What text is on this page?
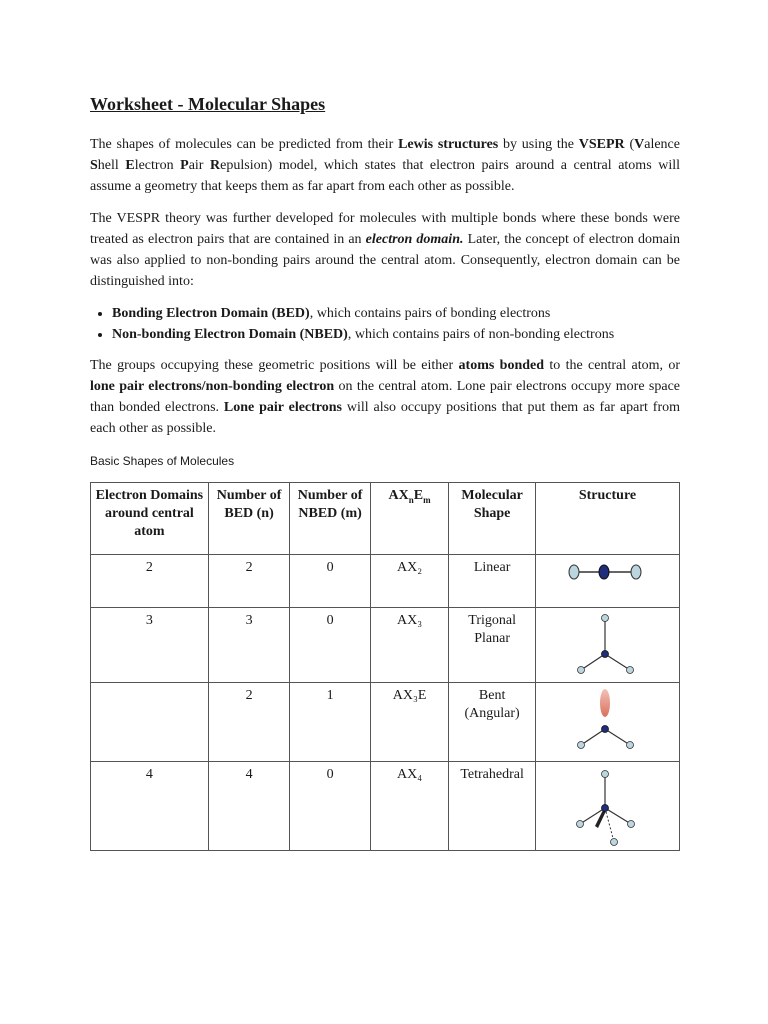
Worksheet - Molecular Shapes

The shapes of molecules can be predicted from their Lewis structures by using the VSEPR (Valence Shell Electron Pair Repulsion) model, which states that electron pairs around a central atoms will assume a geometry that keeps them as far apart from each other as possible.

The VESPR theory was further developed for molecules with multiple bonds where these bonds were treated as electron pairs that are contained in an electron domain. Later, the concept of electron domain was also applied to non-bonding pairs around the central atom. Consequently, electron domain can be distinguished into:

• Bonding Electron Domain (BED), which contains pairs of bonding electrons
• Non-bonding Electron Domain (NBED), which contains pairs of non-bonding electrons

The groups occupying these geometric positions will be either atoms bonded to the central atom, or lone pair electrons/non-bonding electron on the central atom. Lone pair electrons occupy more space than bonded electrons. Lone pair electrons will also occupy positions that put them as far apart from each other as possible.

Basic Shapes of Molecules
Electron Domains around central atom	Number of BED (n)	Number of NBED (m)	$AX_nE_m$	Molecular Shape	Structure
2	2	0	AX₂	Linear	

3	3	0	AX₃	Trigonal Planar	

	2	1	AX₃E	Bent (Angular)	

4	4	0	AX₄	Tetrahedral	
